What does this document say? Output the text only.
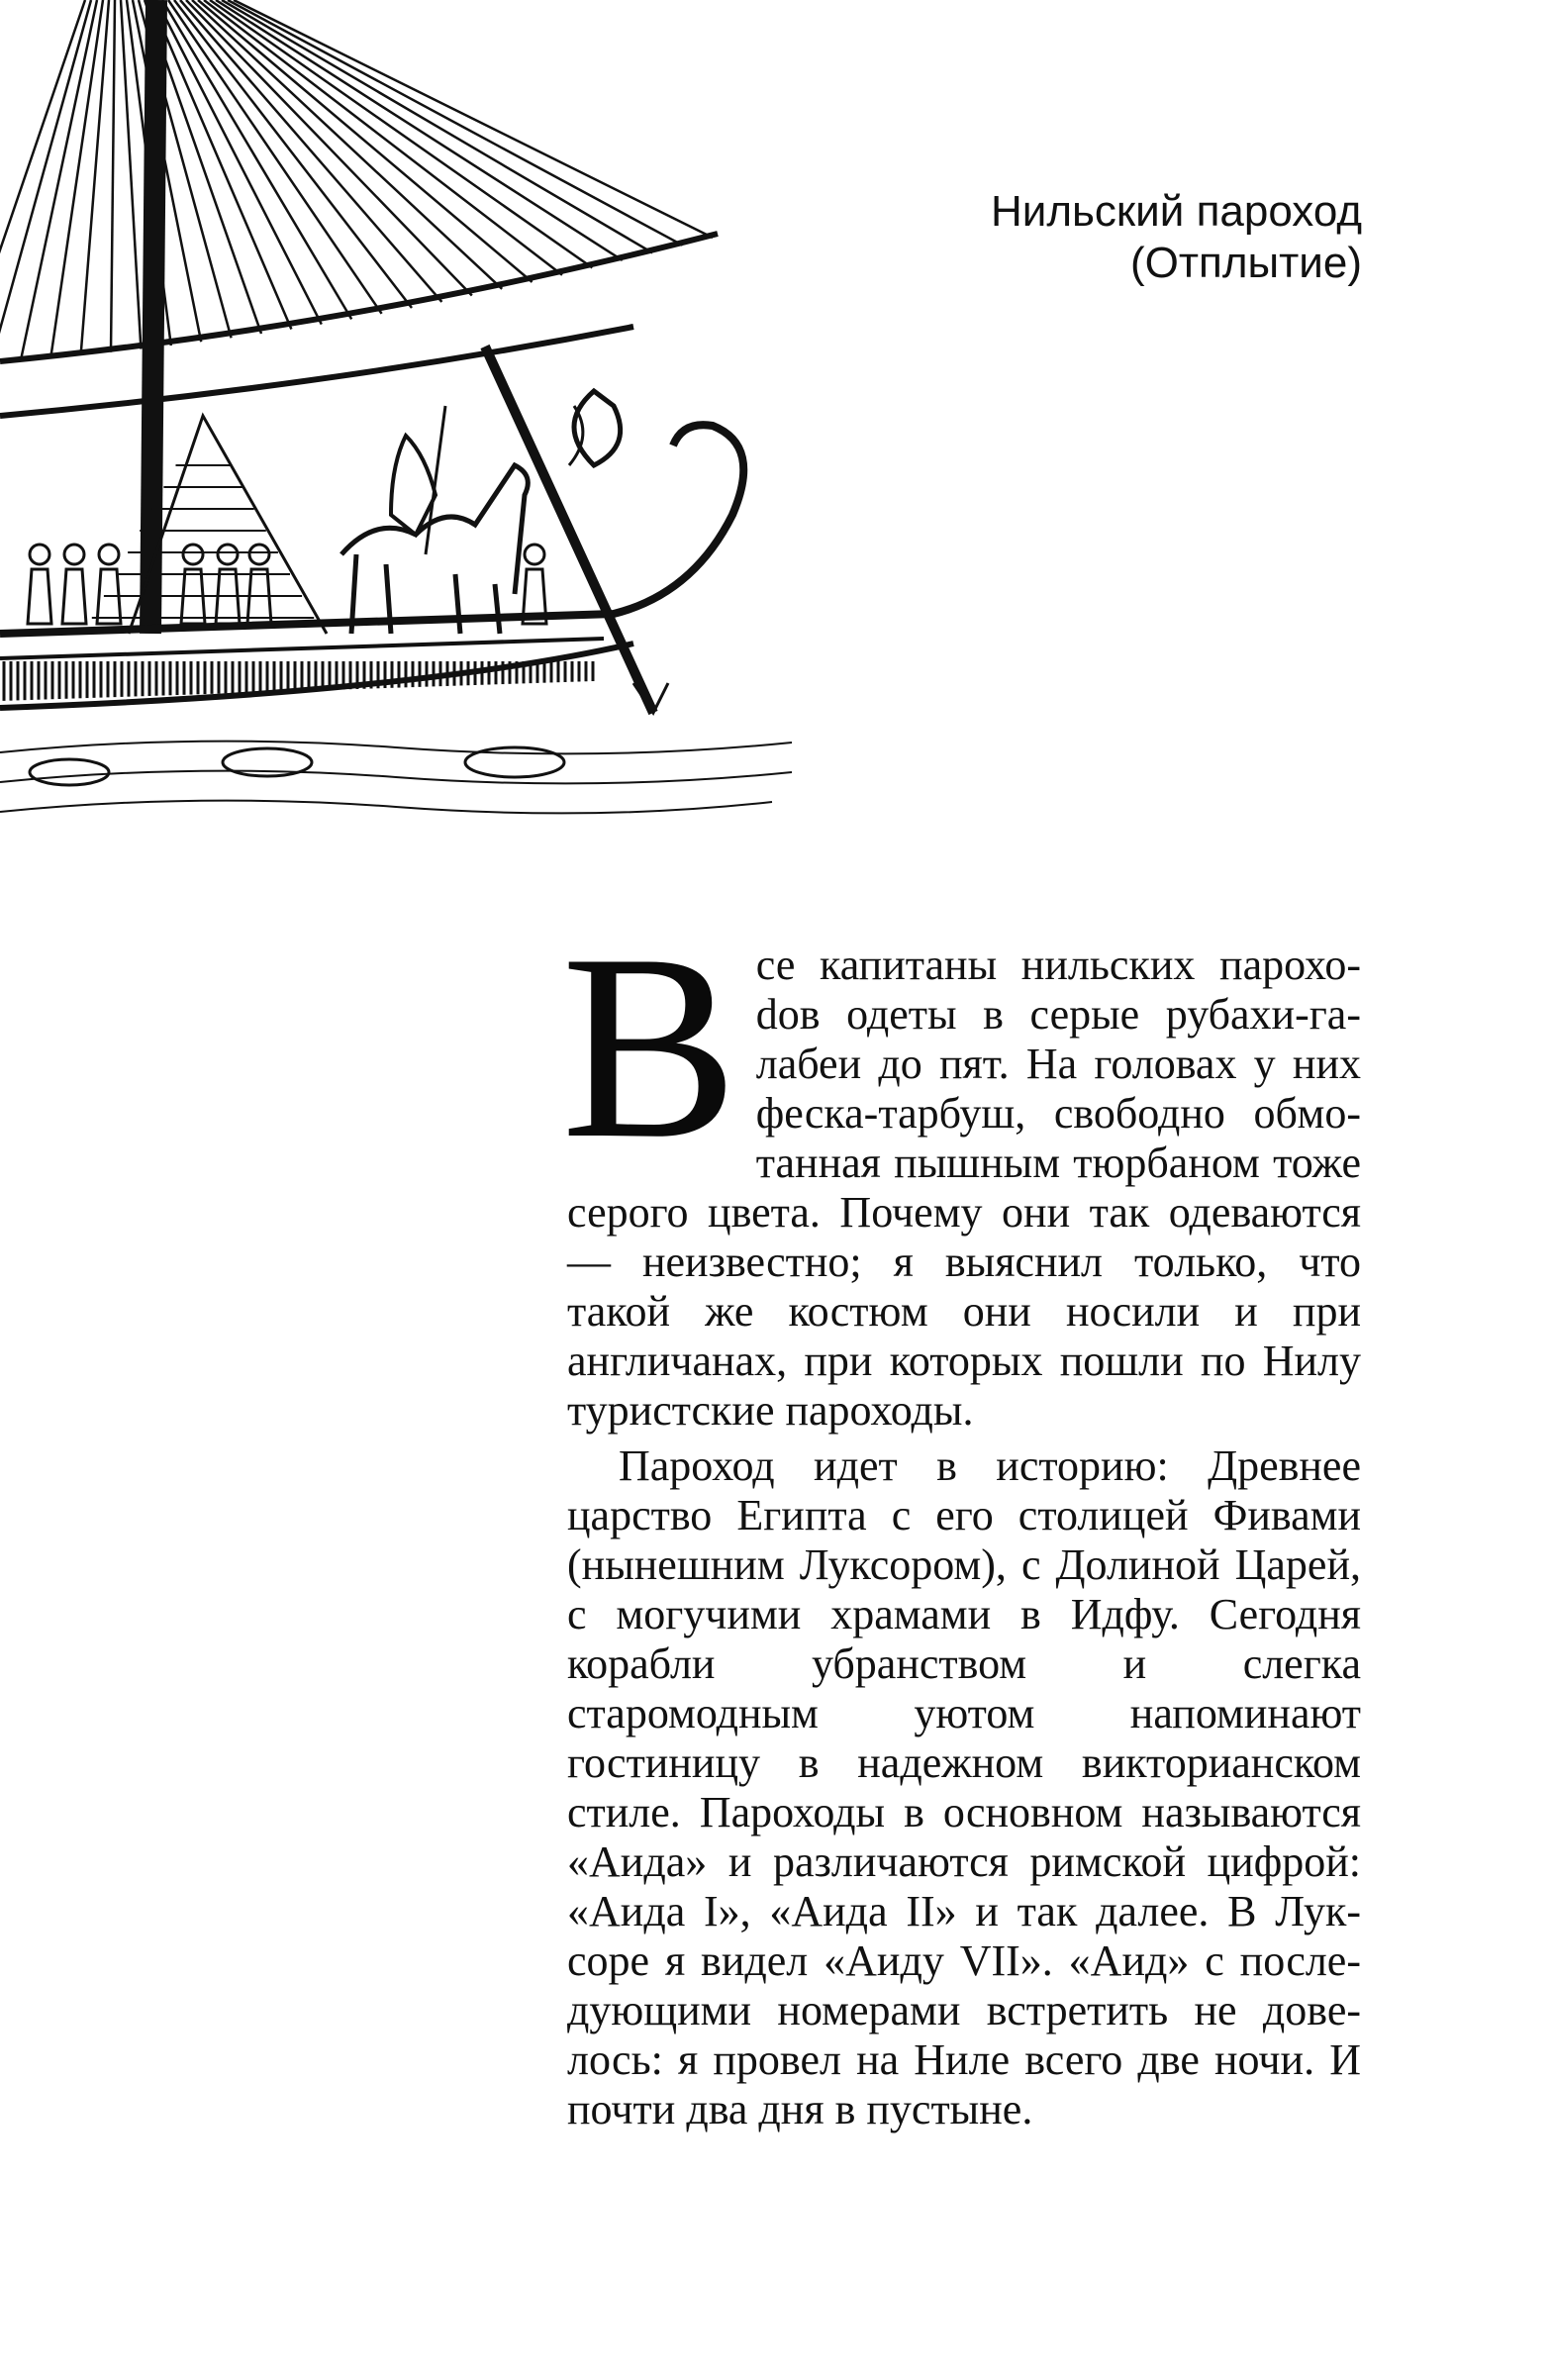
Нильский пароход
(Отплытие)
В се капитаны нильских парохоdов одеты в серые рубахи-галабеи до пят. На головах у них феска-тарбуш, свободно обмотанная пышным тюрбаном тоже серого цвета. Почему они так одеваются — неизвестно; я выяснил только, что такой же костюм они носили и при англичанах, при которых пошли по Нилу туристские пароходы.

Пароход идет в историю: Древнее царство Египта с его столицей Фивами (нынешним Луксором), с Долиной Царей, с могучими храмами в Идфу. Сегодня корабли убранством и слегка старомодным уютом напоминают гостиницу в надежном викторианском стиле. Пароходы в основном называются «Аида» и различаются римской цифрой: «Аида I», «Аида II» и так далее. В Луксоре я видел «Аиду VII». «Аид» с последующими номерами встретить не довелось: я провел на Ниле всего две ночи. И почти два дня в пустыне.
